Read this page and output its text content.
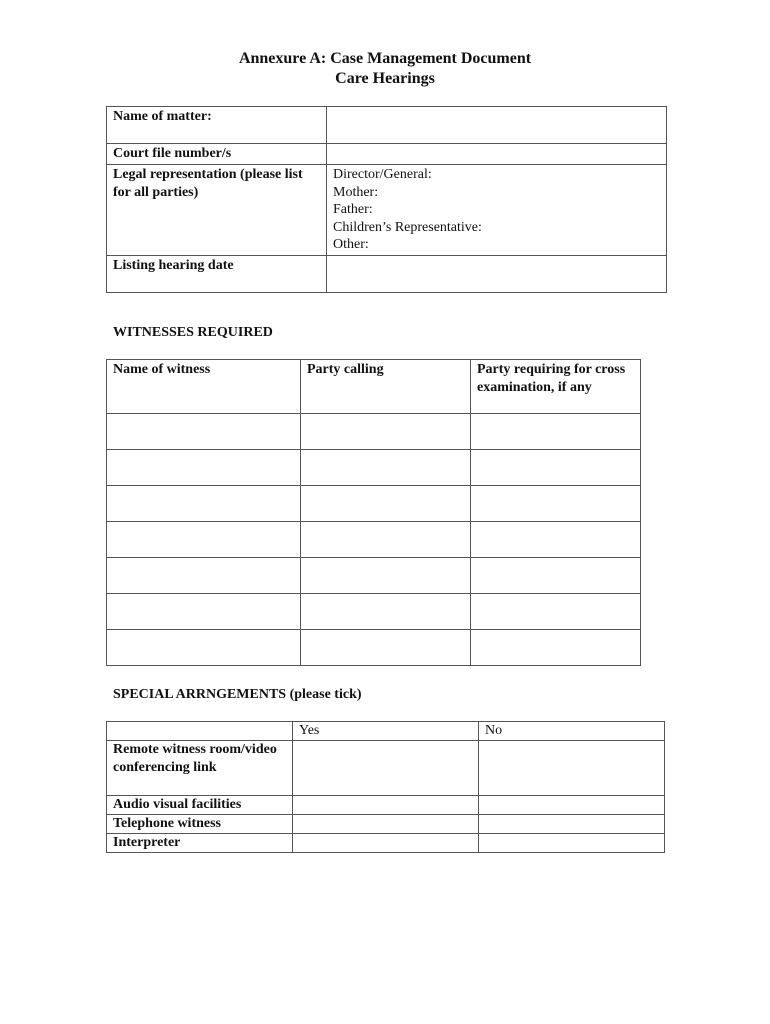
Annexure A: Case Management Document
Care Hearings
Name of matter:	
Court file number/s	
Legal representation (please list for all parties)	Director/General:
Mother:
Father:
Children’s Representative:
Other:

Listing hearing date	
WITNESSES REQUIRED
Name of witness	Party calling	Party requiring for cross examination, if any

SPECIAL ARRNGEMENTS (please tick)
	Yes	No
Remote witness room/video conferencing link		
Audio visual facilities		
Telephone witness		
Interpreter		
